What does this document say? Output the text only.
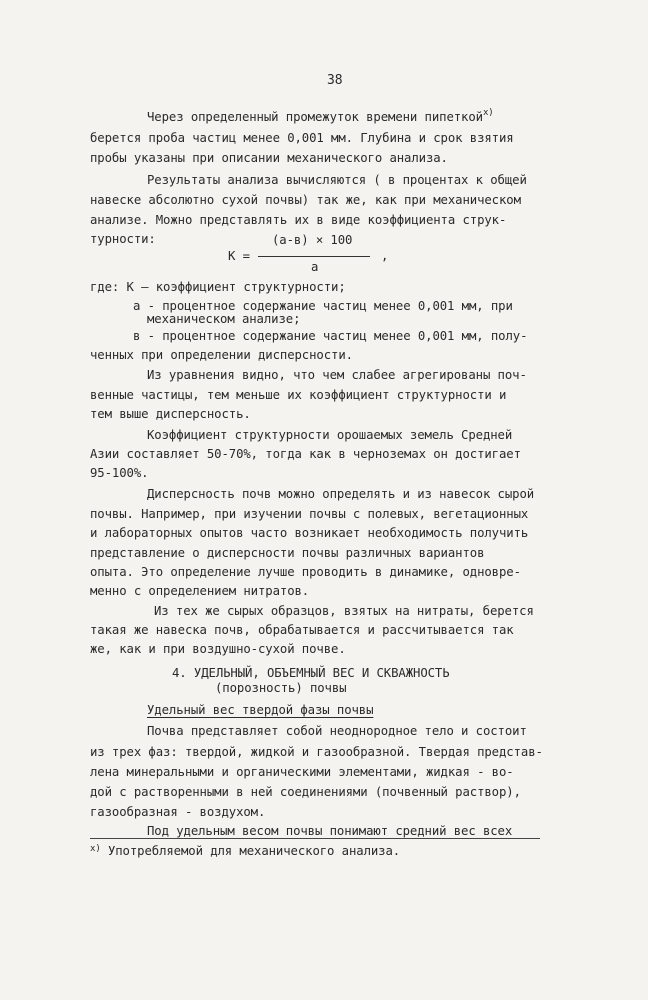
38
Через определенный промежуток времени пипеткой$^{x)}$
берется проба частиц менее 0,001 мм. Глубина и срок взятия
пробы указаны при описании механического анализа.
Результаты анализа вычисляются ( в процентах к общей
навеске абсолютно сухой почвы) так же, как при механическом
анализе. Можно представлять их в виде коэффициента струк-
турности:	(а-в) × 100
К =	,
а
где: К – коэффициент структурности;
а - процентное содержание частиц менее 0,001 мм, при
механическом анализе;
в - процентное содержание частиц менее 0,001 мм, полу-
ченных при определении дисперсности.
Из уравнения видно, что чем слабее агрегированы поч-
венные частицы, тем меньше их коэффициент структурности и
тем выше дисперсность.
Коэффициент структурности орошаемых земель Средней
Азии составляет 50-70%, тогда как в черноземах он достигает
95-100%.
Дисперсность почв можно определять и из навесок сырой
почвы. Например, при изучении почвы с полевых, вегетационных
и лабораторных опытов часто возникает необходимость получить
представление о дисперсности почвы различных вариантов
опыта. Это определение лучше проводить в динамике, одновре-
менно с определением нитратов.
Из тех же сырых образцов, взятых на нитраты, берется
такая же навеска почв, обрабатывается и рассчитывается так
же, как и при воздушно-сухой почве.
4. УДЕЛЬНЫЙ, ОБЪЕМНЫЙ ВЕС И СКВАЖНОСТЬ
(порозность) почвы
Удельный вес твердой фазы почвы
Почва представляет собой неоднородное тело и состоит
из трех фаз: твердой, жидкой и газообразной. Твердая представ-
лена минеральными и органическими элементами, жидкая - во-
дой с растворенными в ней соединениями (почвенный раствор),
газообразная - воздухом.
Под удельным весом почвы понимают средний вес всех
$^{x)}$ Употребляемой для механического анализа.
